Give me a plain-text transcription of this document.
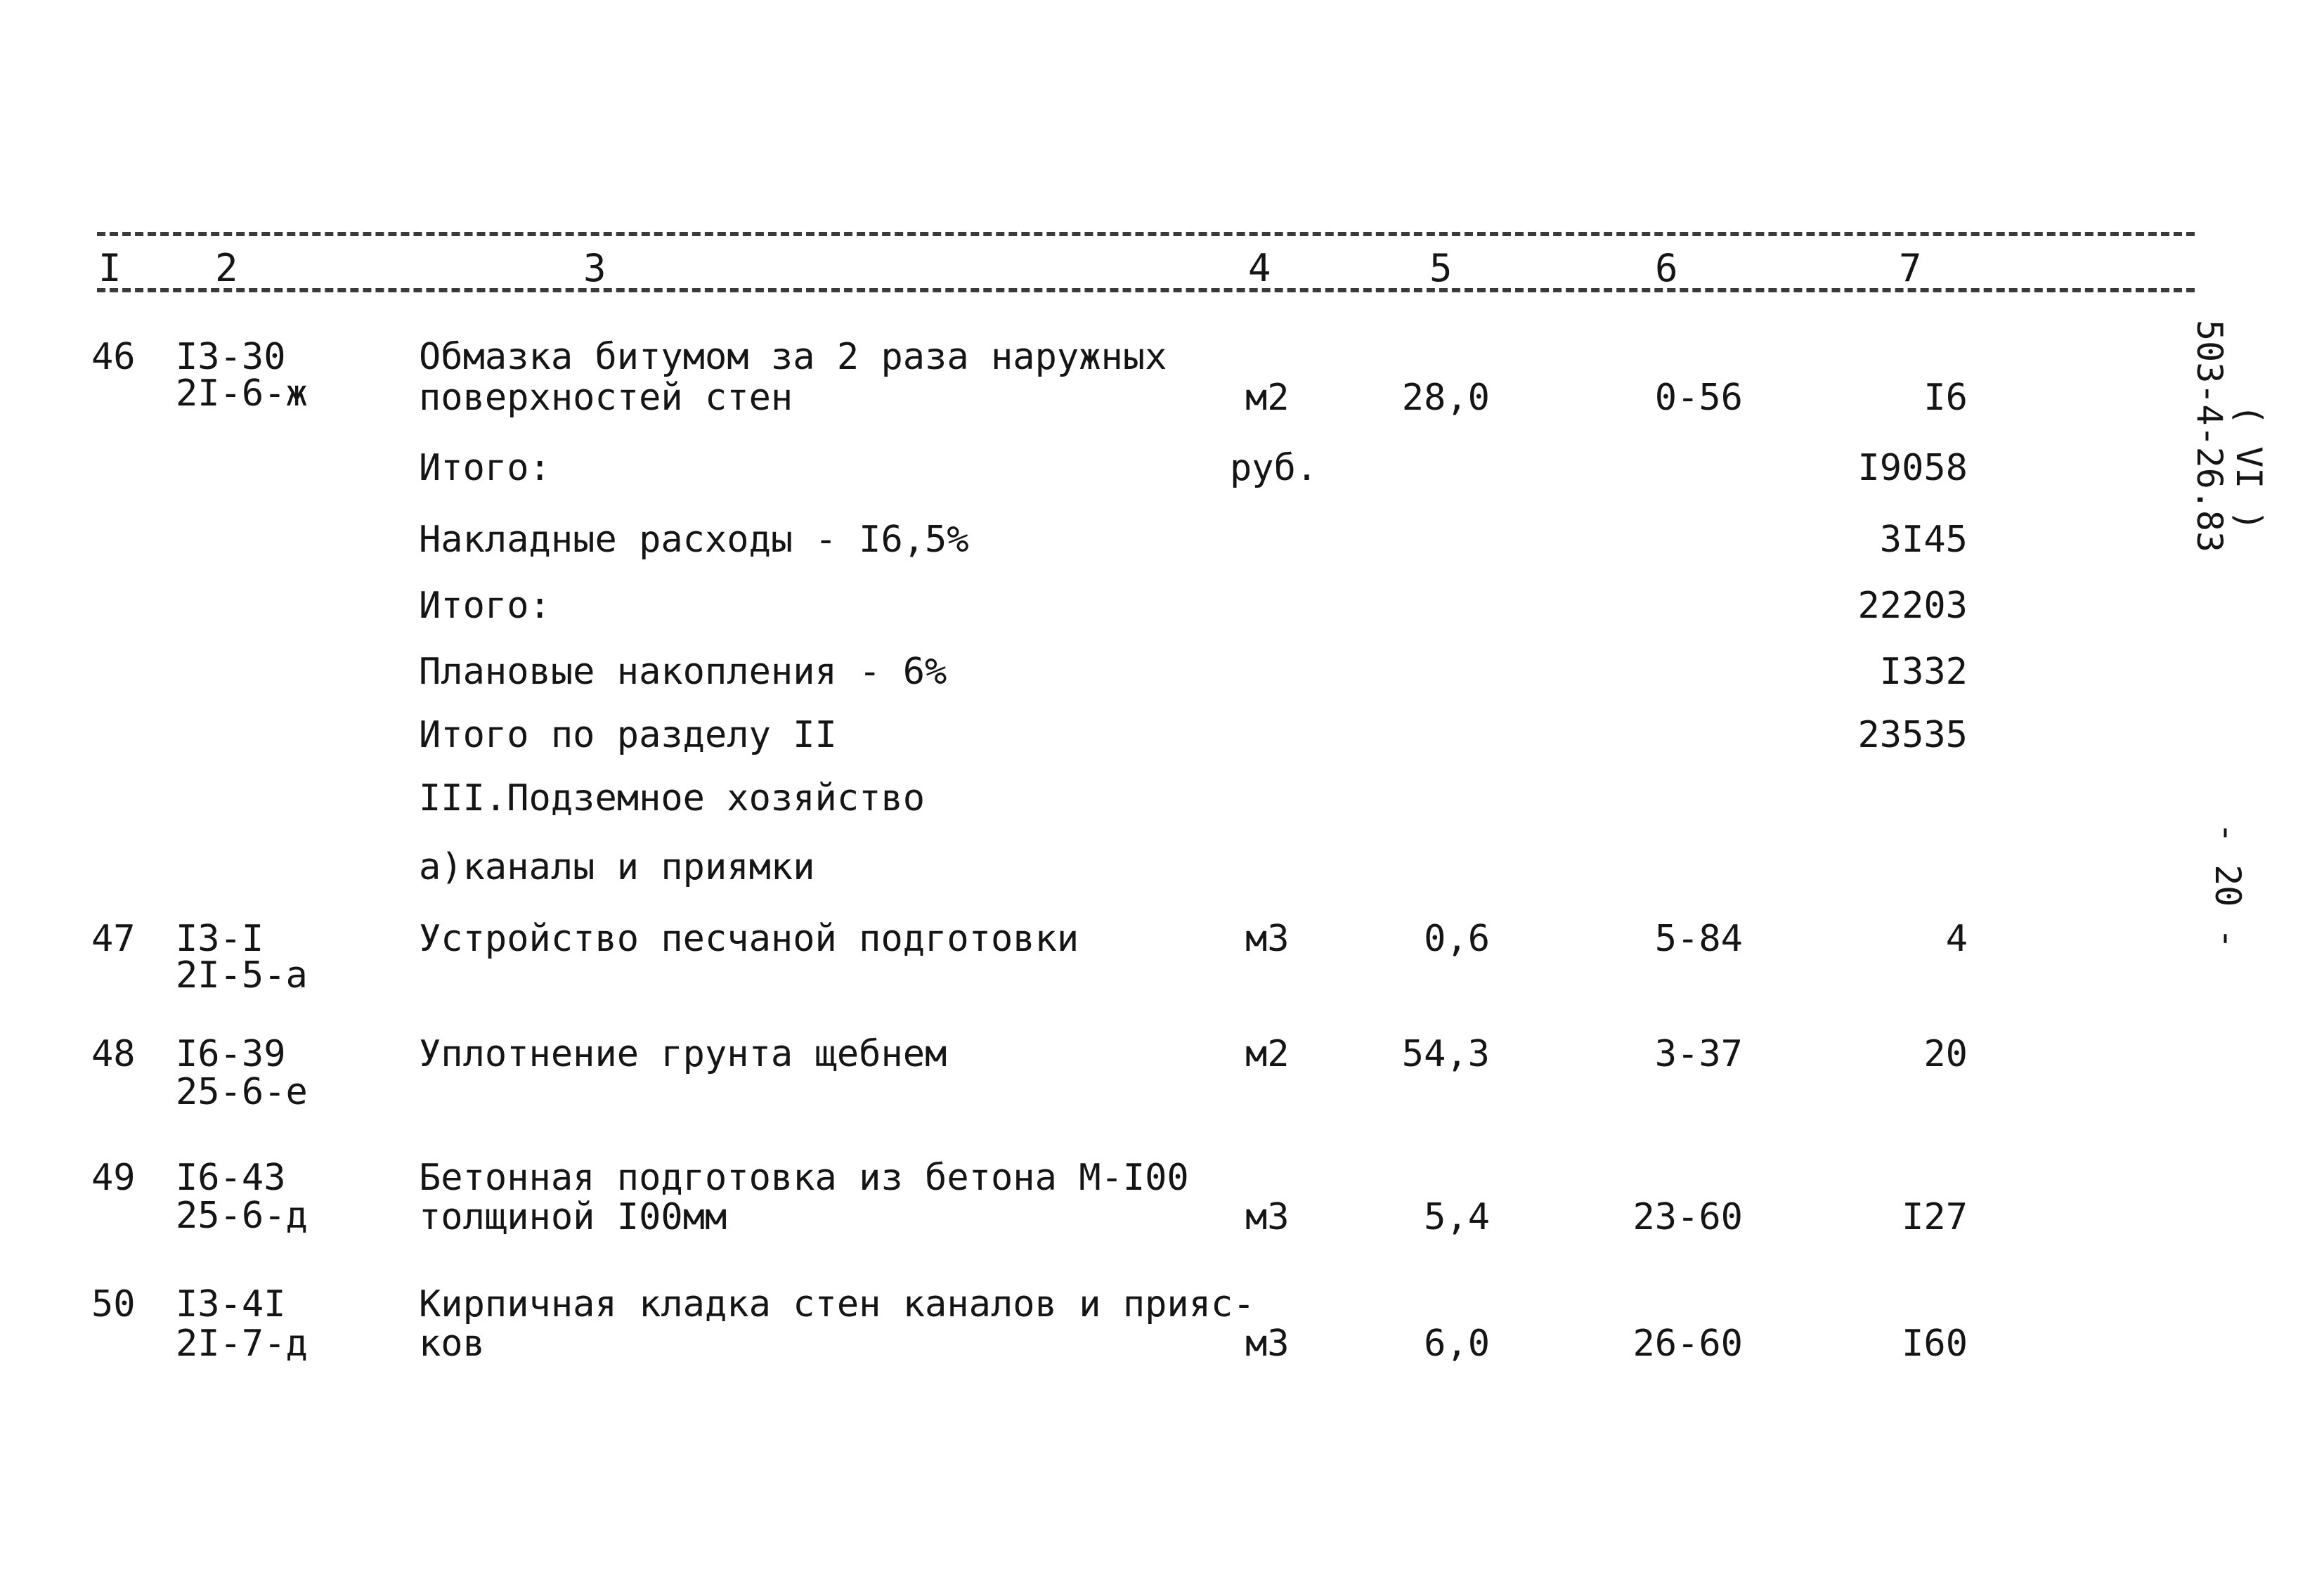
I 2	3	4	5	6	7
46 I3-30
2I-6-ж
Обмазка битумом за 2 раза наружных
поверхностей стен	м2	28,0	0-56	I6
Итого:	руб.	I9058
Накладные расходы - I6,5%	3I45
Итого:	22203
Плановые накопления - 6%	I332
Итого по разделу II	23535
III.Подземное хозяйство
а)каналы и приямки
47 I3-I
2I-5-а
Устройство песчаной подготовки	м3	0,6	5-84	4
48 I6-39
25-6-е
Уплотнение грунта щебнем	м2	54,3	3-37	20
49 I6-43
25-6-д
Бетонная подготовка из бетона М-I00
толщиной I00мм	м3	5,4	23-60	I27
50 I3-4I
2I-7-д
Кирпичная кладка стен каналов и прияс-
ков	м3	6,0	26-60	I60
503-4-26.83
( VI )
- 20 -
